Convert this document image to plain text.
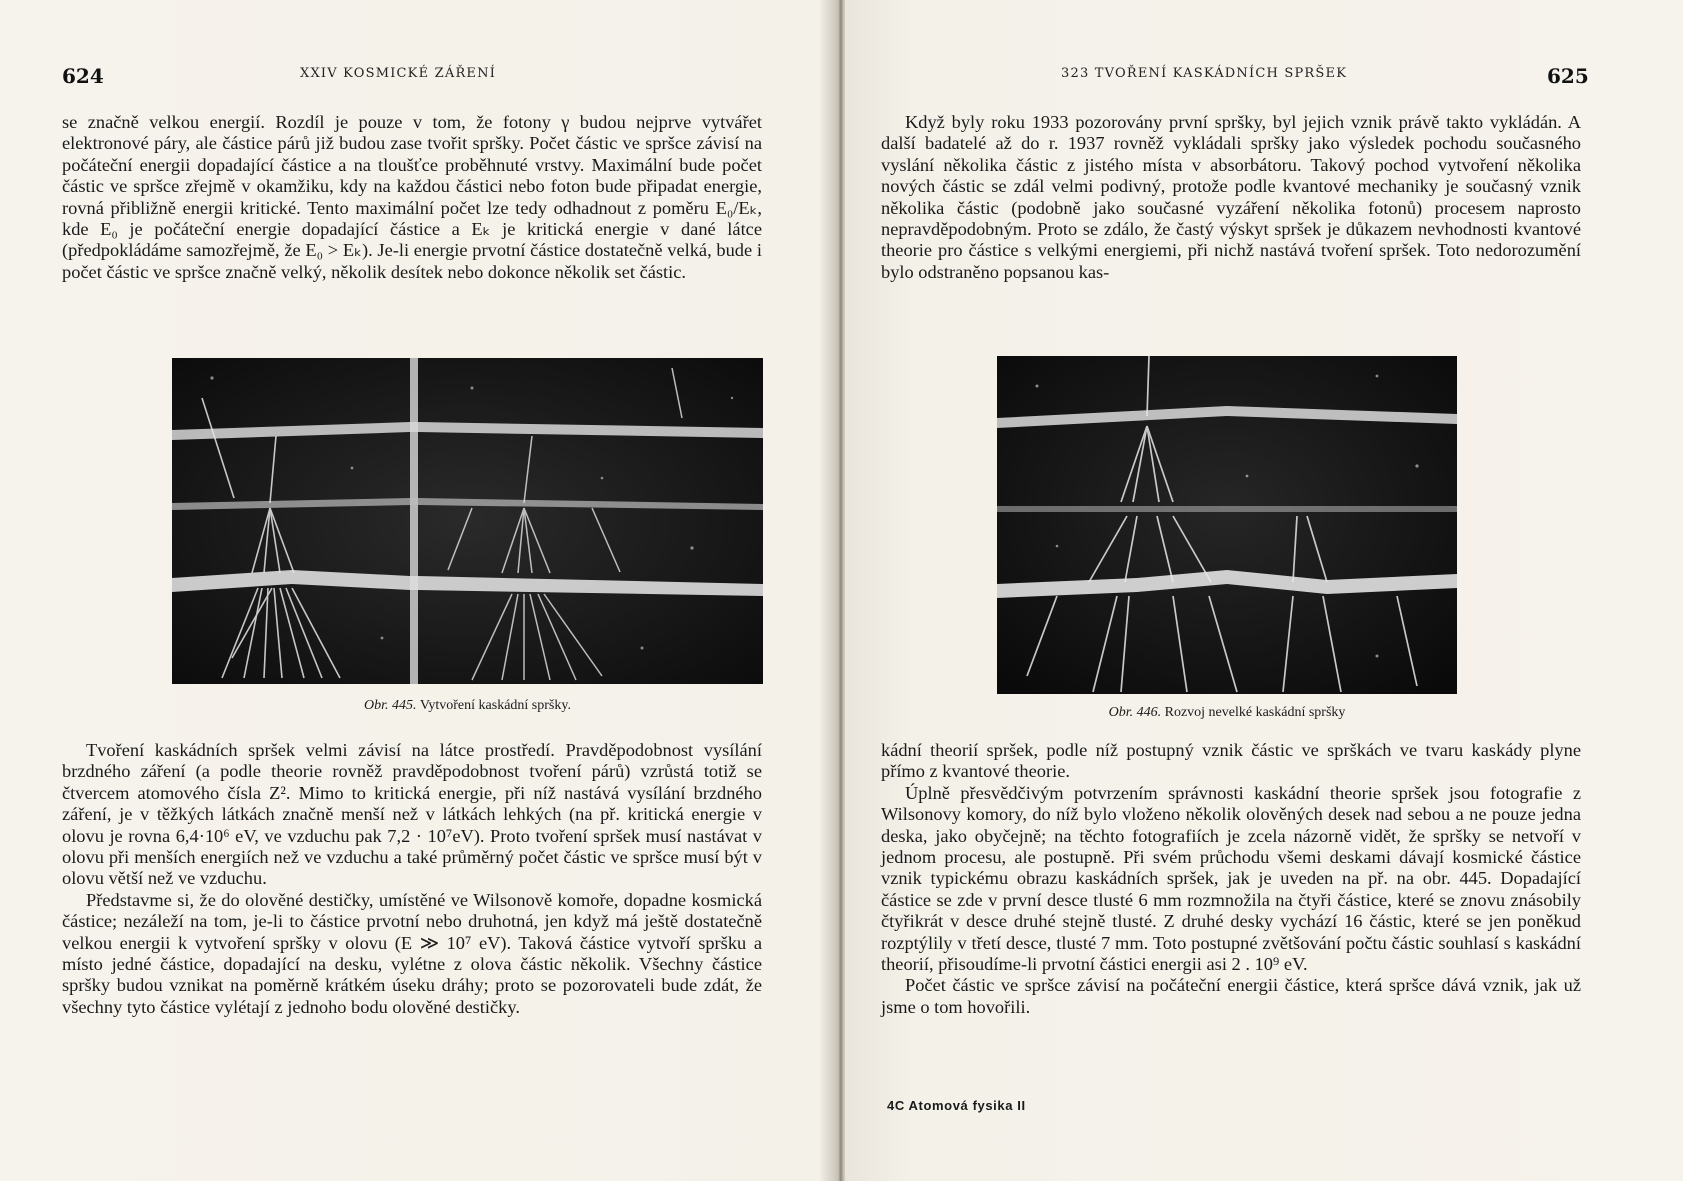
624	XXIV KOSMICKÉ ZÁŘENÍ

se značně velkou energií. Rozdíl je pouze v tom, že fotony γ budou nejprve vytvářet elektronové páry, ale částice párů již budou zase tvořit spršky. Počet částic ve spršce závisí na počáteční energii dopadající částice a na tloušťce proběhnuté vrstvy. Maximální bude počet částic ve spršce zřejmě v okamžiku, kdy na každou částici nebo foton bude připadat energie, rovná přibližně energii kritické. Tento maximální počet lze tedy odhadnout z poměru E₀/Eₖ, kde E₀ je počáteční energie dopadající částice a Eₖ je kritická energie v dané látce (předpokládáme samozřejmě, že E₀ > Eₖ). Je-li energie prvotní částice dostatečně velká, bude i počet částic ve spršce značně velký, několik desítek nebo dokonce několik set částic.

Obr. 445. Vytvoření kaskádní spršky.

Tvoření kaskádních spršek velmi závisí na látce prostředí. Pravděpodobnost vysílání brzdného záření (a podle theorie rovněž pravděpodobnost tvoření párů) vzrůstá totiž se čtvercem atomového čísla Z². Mimo to kritická energie, při níž nastává vysílání brzdného záření, je v těžkých látkách značně menší než v látkách lehkých (na př. kritická energie v olovu je rovna 6,4·10⁶ eV, ve vzduchu pak 7,2 · 10⁷eV). Proto tvoření spršek musí nastávat v olovu při menších energiích než ve vzduchu a také průměrný počet částic ve spršce musí být v olovu větší než ve vzduchu.

Představme si, že do olověné destičky, umístěné ve Wilsonově komoře, dopadne kosmická částice; nezáleží na tom, je-li to částice prvotní nebo druhotná, jen když má ještě dostatečně velkou energii k vytvoření spršky v olovu (E ≫ 10⁷ eV). Taková částice vytvoří spršku a místo jedné částice, dopadající na desku, vylétne z olova částic několik. Všechny částice spršky budou vznikat na poměrně krátkém úseku dráhy; proto se pozorovateli bude zdát, že všechny tyto částice vylétají z jednoho bodu olověné destičky.

323 TVOŘENÍ KASKÁDNÍCH SPRŠEK	625

Když byly roku 1933 pozorovány první spršky, byl jejich vznik právě takto vykládán. A další badatelé až do r. 1937 rovněž vykládali spršky jako výsledek pochodu současného vyslání několika částic z jistého místa v absorbátoru. Takový pochod vytvoření několika nových částic se zdál velmi podivný, protože podle kvantové mechaniky je současný vznik několika částic (podobně jako současné vyzáření několika fotonů) procesem naprosto nepravděpodobným. Proto se zdálo, že častý výskyt spršek je důkazem nevhodnosti kvantové theorie pro částice s velkými energiemi, při nichž nastává tvoření spršek. Toto nedorozumění bylo odstraněno popsanou kas-

Obr. 446. Rozvoj nevelké kaskádní spršky

kádní theorií spršek, podle níž postupný vznik částic ve sprškách ve tvaru kaskády plyne přímo z kvantové theorie.

Úplně přesvědčivým potvrzením správnosti kaskádní theorie spršek jsou fotografie z Wilsonovy komory, do níž bylo vloženo několik olověných desek nad sebou a ne pouze jedna deska, jako obyčejně; na těchto fotografiích je zcela názorně vidět, že spršky se netvoří v jednom procesu, ale postupně. Při svém průchodu všemi deskami dávají kosmické částice vznik typickému obrazu kaskádních spršek, jak je uveden na př. na obr. 445. Dopadající částice se zde v první desce tlusté 6 mm rozmnožila na čtyři částice, které se znovu znásobily čtyřikrát v desce druhé stejně tlusté. Z druhé desky vychází 16 částic, které se jen poněkud rozptýlily v třetí desce, tlusté 7 mm. Toto postupné zvětšování počtu částic souhlasí s kaskádní theorií, přisoudíme-li prvotní částici energii asi 2 . 10⁹ eV.

Počet částic ve spršce závisí na počáteční energii částice, která spršce dává vznik, jak už jsme o tom hovořili.

4C Atomová fysika II
